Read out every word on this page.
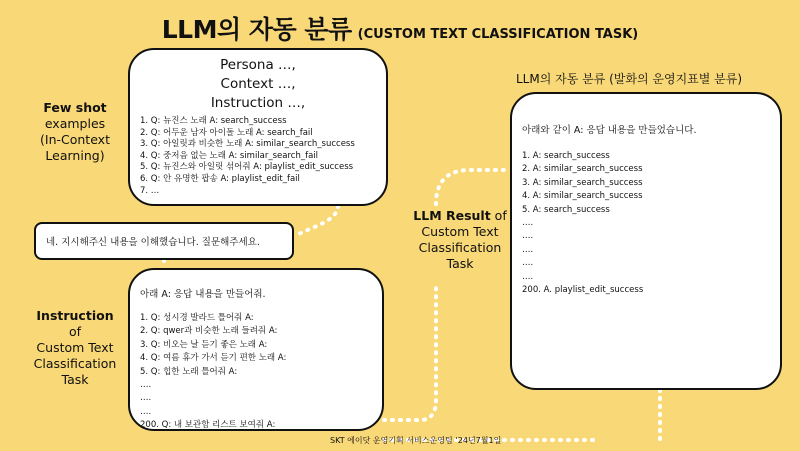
LLM의 자동 분류 (CUSTOM TEXT CLASSIFICATION TASK)
Few shot
examples
(In-Context
Learning)
Persona …,
Context …,
Instruction …,
1. Q: 뉴진스 노래 A: search_success
2. Q: 어두운 남자 아이돌 노래 A: search_fail
3. Q: 아일릿과 비슷한 노래 A: similar_search_success
4. Q: 중저음 없는 노래 A: similar_search_fail
5. Q: 뉴진스와 아일릿 섞어줘 A: playlist_edit_success
6. Q: 안 유명한 팝송 A: playlist_edit_fail
7. …
네. 지시해주신 내용을 이해했습니다. 질문해주세요.
Instruction of
Custom Text
Classification
Task
아래 A: 응답 내용을 만들어줘.
1. Q: 성시경 발라드 틀어줘 A:
2. Q: qwer과 비슷한 노래 들려줘 A:
3. Q: 비오는 날 듣기 좋은 노래 A:
4. Q: 여름 휴가 가서 듣기 편한 노래 A:
5. Q: 힙한 노래 틀어줘 A:
….
….
….
200. Q: 내 보관함 리스트 보여줘 A:
LLM Result of
Custom Text
Classification
Task
LLM의 자동 분류 (발화의 운영지표별 분류)
아래와 같이 A: 응답 내용을 만들었습니다.
1. A: search_success
2. A: similar_search_success
3. A: similar_search_success
4. A: similar_search_success
5. A: search_success
….
….
….
….
….
200. A. playlist_edit_success
SKT 에이닷 운영기획 서비스운영팀 ‘24년7월1일
